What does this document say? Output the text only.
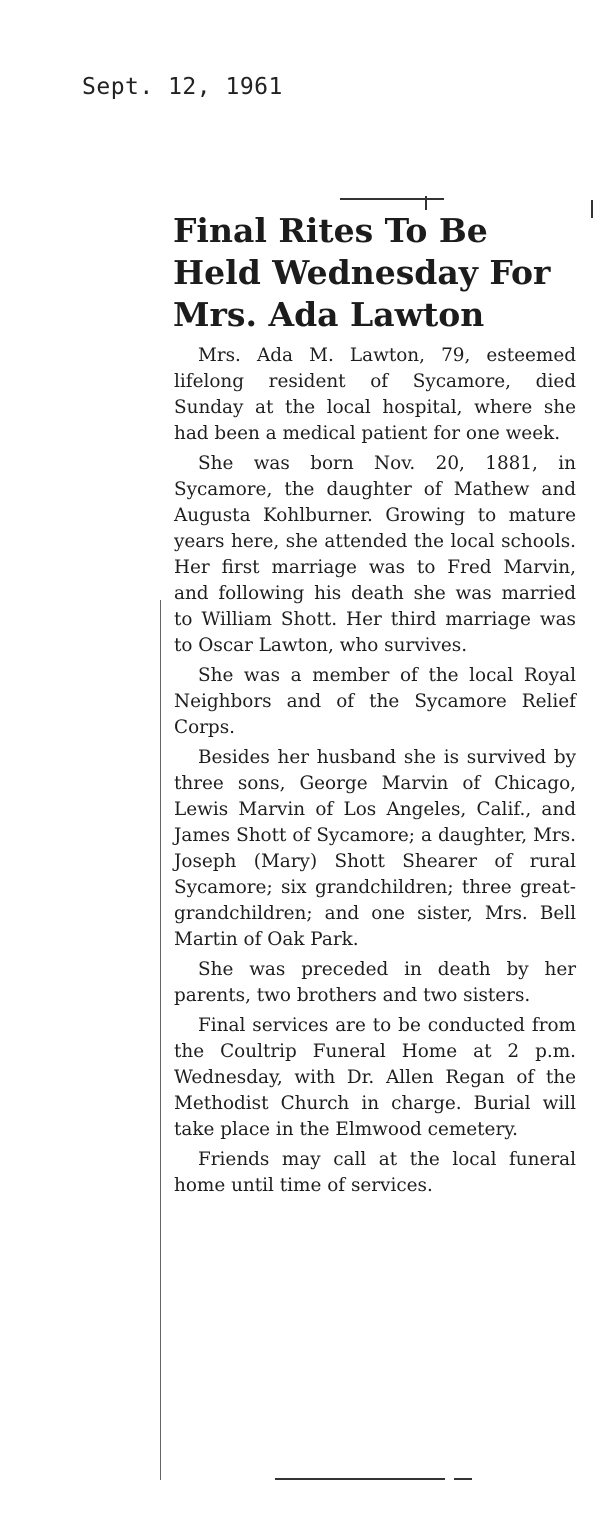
Sept. 12, 1961
Final Rites To Be
Held Wednesday For
Mrs. Ada Lawton

Mrs. Ada M. Lawton, 79, esteemed lifelong resident of Sycamore, died Sunday at the local hospital, where she had been a medical patient for one week.

She was born Nov. 20, 1881, in Sycamore, the daughter of Mathew and Augusta Kohlburner. Growing to mature years here, she attended the local schools. Her first marriage was to Fred Marvin, and following his death she was married to William Shott. Her third marriage was to Oscar Lawton, who survives.

She was a member of the local Royal Neighbors and of the Sycamore Relief Corps.

Besides her husband she is survived by three sons, George Marvin of Chicago, Lewis Marvin of Los Angeles, Calif., and James Shott of Sycamore; a daughter, Mrs. Joseph (Mary) Shott Shearer of rural Sycamore; six grandchildren; three great-grandchildren; and one sister, Mrs. Bell Martin of Oak Park.

She was preceded in death by her parents, two brothers and two sisters.

Final services are to be conducted from the Coultrip Funeral Home at 2 p.m. Wednesday, with Dr. Allen Regan of the Methodist Church in charge. Burial will take place in the Elmwood cemetery.

Friends may call at the local funeral home until time of services.
